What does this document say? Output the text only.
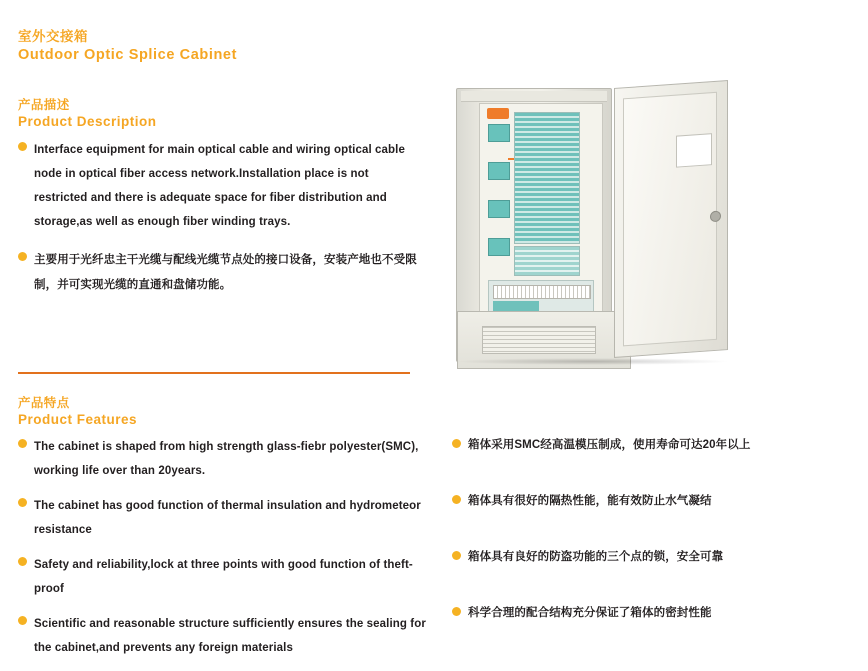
室外交接箱
Outdoor Optic Splice Cabinet
产品描述
Product Description
Interface equipment for main optical cable and wiring optical cable node in optical fiber access network.Installation place is not restricted and there is adequate space for fiber distribution and storage,as well as enough fiber winding trays.
主要用于光纤忠主干光缆与配线光缆节点处的接口设备，安装产地也不受限制，并可实现光缆的直通和盘储功能。
产品特点
Product Features
The cabinet is shaped from high strength glass-fiebr polyester(SMC), working life over than 20years.
The cabinet has good function of thermal insulation and hydrometeor resistance
Safety and reliability,lock at three points with good function of theft-proof
Scientific and reasonable structure sufficiently ensures the sealing for the cabinet,and prevents any foreign materials
箱体采用SMC经高温模压制成，使用寿命可达20年以上
箱体具有很好的隔热性能，能有效防止水气凝结
箱体具有良好的防盗功能的三个点的锁，安全可靠
科学合理的配合结构充分保证了箱体的密封性能
